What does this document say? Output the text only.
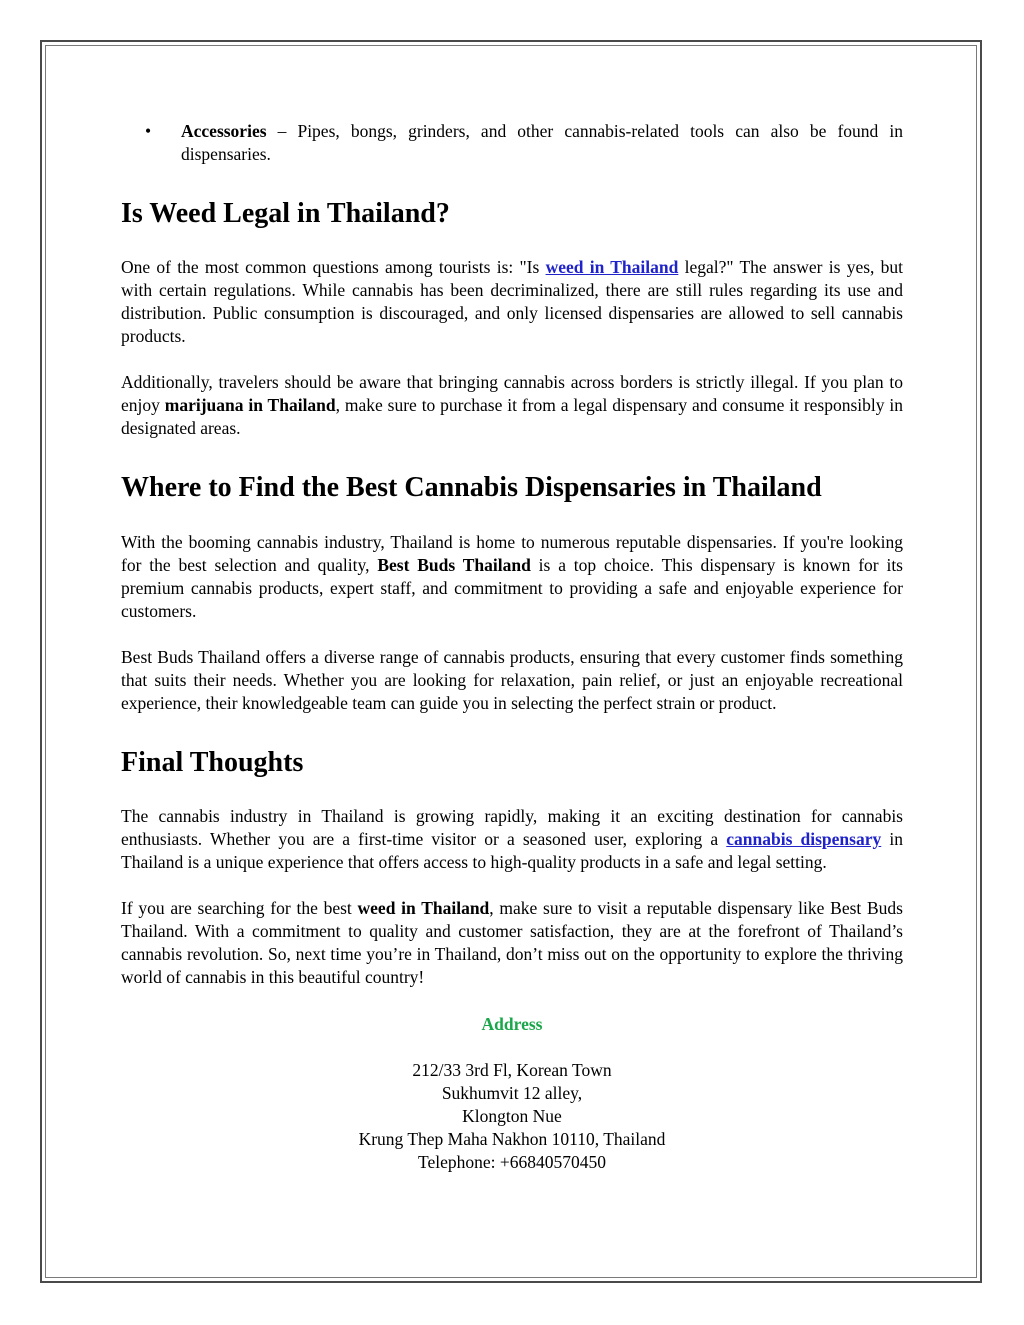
• Accessories – Pipes, bongs, grinders, and other cannabis-related tools can also be found in dispensaries.
Is Weed Legal in Thailand?

One of the most common questions among tourists is: "Is weed in Thailand legal?" The answer is yes, but with certain regulations. While cannabis has been decriminalized, there are still rules regarding its use and distribution. Public consumption is discouraged, and only licensed dispensaries are allowed to sell cannabis products.

Additionally, travelers should be aware that bringing cannabis across borders is strictly illegal. If you plan to enjoy marijuana in Thailand, make sure to purchase it from a legal dispensary and consume it responsibly in designated areas.

Where to Find the Best Cannabis Dispensaries in Thailand

With the booming cannabis industry, Thailand is home to numerous reputable dispensaries. If you're looking for the best selection and quality, Best Buds Thailand is a top choice. This dispensary is known for its premium cannabis products, expert staff, and commitment to providing a safe and enjoyable experience for customers.

Best Buds Thailand offers a diverse range of cannabis products, ensuring that every customer finds something that suits their needs. Whether you are looking for relaxation, pain relief, or just an enjoyable recreational experience, their knowledgeable team can guide you in selecting the perfect strain or product.

Final Thoughts

The cannabis industry in Thailand is growing rapidly, making it an exciting destination for cannabis enthusiasts. Whether you are a first-time visitor or a seasoned user, exploring a cannabis dispensary in Thailand is a unique experience that offers access to high-quality products in a safe and legal setting.

If you are searching for the best weed in Thailand, make sure to visit a reputable dispensary like Best Buds Thailand. With a commitment to quality and customer satisfaction, they are at the forefront of Thailand’s cannabis revolution. So, next time you’re in Thailand, don’t miss out on the opportunity to explore the thriving world of cannabis in this beautiful country!

Address
212/33 3rd Fl, Korean Town
Sukhumvit 12 alley,
Klongton Nue
Krung Thep Maha Nakhon 10110, Thailand
Telephone: +66840570450
